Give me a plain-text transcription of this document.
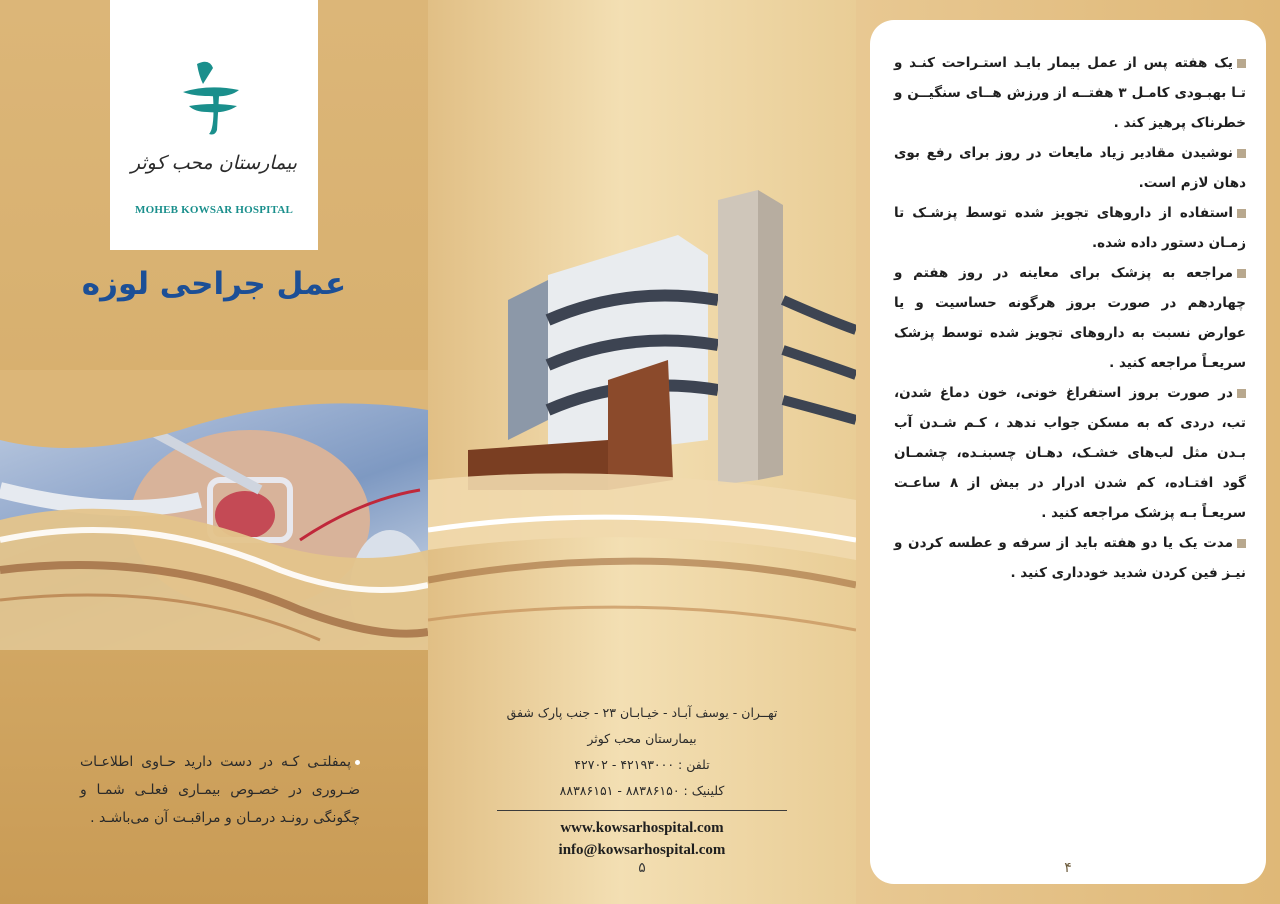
بیمارستان محب کوثر
MOHEB KOWSAR HOSPITAL
عمل جراحی لوزه
پمفلتـی کـه در دست دارید حـاوی اطلاعـات ضـروری در خصـوص بیمـاری فعلـی شمـا و چگونگی رونـد درمـان و مراقبـت آن می‌باشـد .
تهــران - یوسف آبـاد - خیـابـان ۲۳ - جنب پارک شفق
بیمارستان محب کوثر
تلفن : ۴۲۱۹۳۰۰۰ - ۴۲۷۰۲
کلینیک : ۸۸۳۸۶۱۵۰ - ۸۸۳۸۶۱۵۱
www.kowsarhospital.com
info@kowsarhospital.com
۵
یک هفته پس از عمل بیمار بایـد استـراحت کنـد و تـا بهبـودی کامـل ۳ هفتــه از ورزش هــای سنگیــن و خطرناک پرهیز کند .
نوشیدن مقادیر زیاد مایعات در روز برای رفع بوی دهان لازم است.
استفاده از داروهای تجویز شده توسط پزشـک تا زمـان دستور داده شده.
مراجعه به پزشک برای معاینه در روز هفتم و چهاردهم در صورت بروز هرگونه حساسیت و یا عوارض نسبت به داروهای تجویز شده توسط پزشک سریعـاً مراجعه کنید .
در صورت بروز استفراغ خونی، خون دماغ شدن، تب، دردی که به مسکن جواب ندهد ، کـم شـدن آب بـدن مثل لب‌های خشـک، دهـان چسبنـده، چشمـان گود افتـاده، کم شدن ادرار در بیش از ۸ ساعـت سریعـاً بـه پزشک مراجعه کنید .
مدت یک یا دو هفته باید از سرفه و عطسه کردن و نیـز فین کردن شدید خودداری کنید .
۴
